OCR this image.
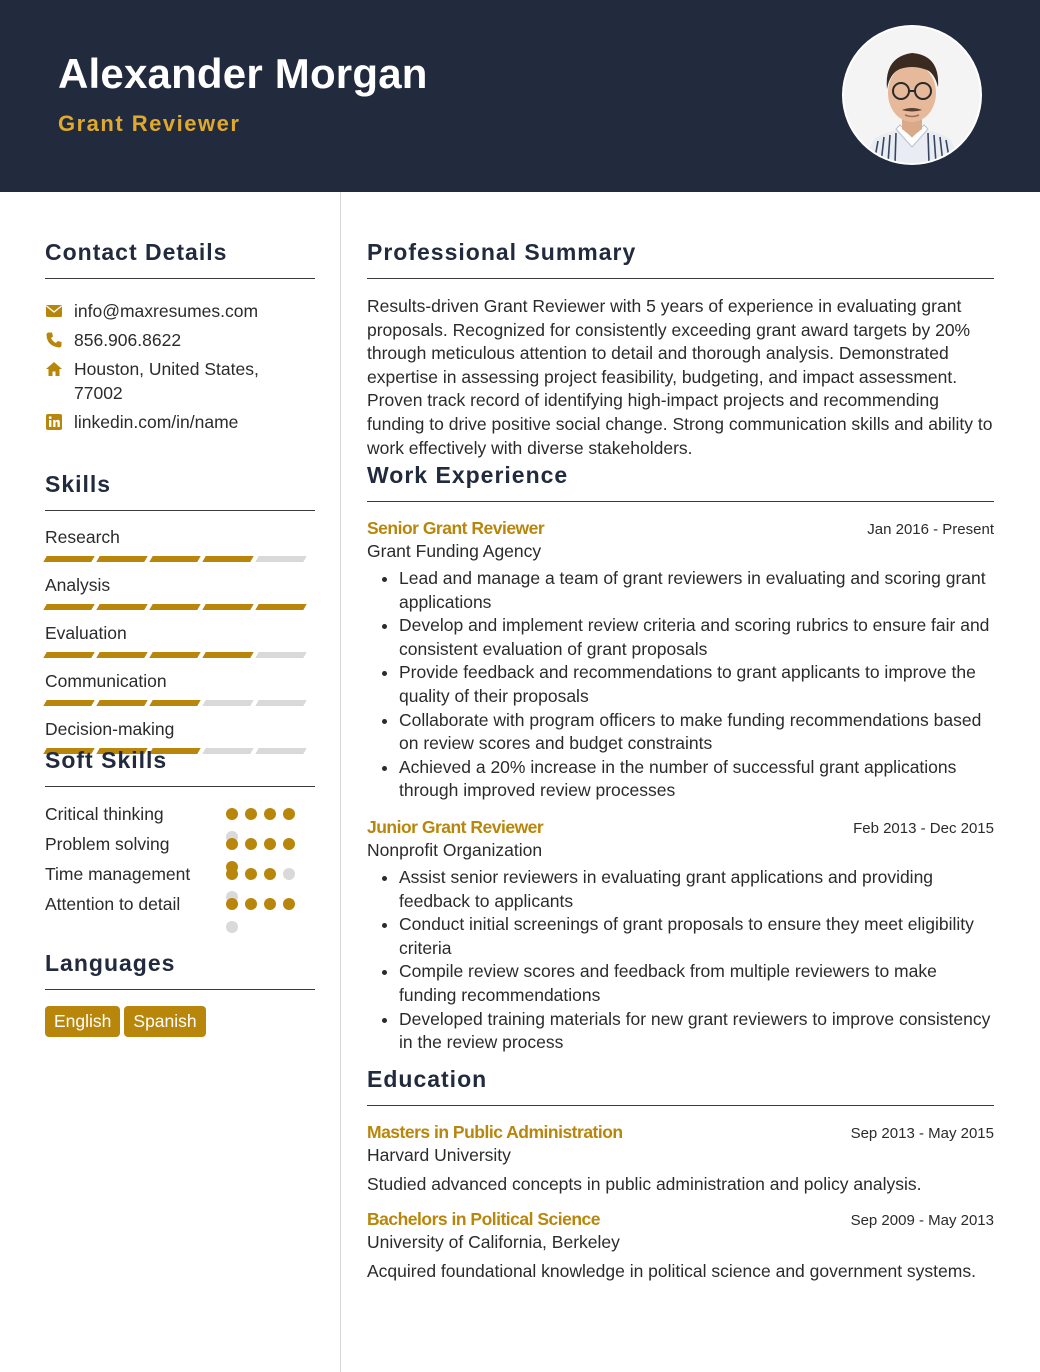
Alexander Morgan
Grant Reviewer
Contact Details
info@maxresumes.com
856.906.8622
Houston, United States, 77002
linkedin.com/in/name
Skills
Research
Analysis
Evaluation
Communication
Decision-making
Soft Skills
Critical thinking
Problem solving
Time management
Attention to detail
Languages
English Spanish
Professional Summary

Results-driven Grant Reviewer with 5 years of experience in evaluating grant proposals. Recognized for consistently exceeding grant award targets by 20% through meticulous attention to detail and thorough analysis. Demonstrated expertise in assessing project feasibility, budgeting, and impact assessment. Proven track record of identifying high-impact projects and recommending funding to drive positive social change. Strong communication skills and ability to work effectively with diverse stakeholders.

Work Experience
Senior Grant Reviewer	Jan 2016 - Present
Grant Funding Agency
• Lead and manage a team of grant reviewers in evaluating and scoring grant applications
• Develop and implement review criteria and scoring rubrics to ensure fair and consistent evaluation of grant proposals
• Provide feedback and recommendations to grant applicants to improve the quality of their proposals
• Collaborate with program officers to make funding recommendations based on review scores and budget constraints
• Achieved a 20% increase in the number of successful grant applications through improved review processes
Junior Grant Reviewer	Feb 2013 - Dec 2015
Nonprofit Organization
• Assist senior reviewers in evaluating grant applications and providing feedback to applicants
• Conduct initial screenings of grant proposals to ensure they meet eligibility criteria
• Compile review scores and feedback from multiple reviewers to make funding recommendations
• Developed training materials for new grant reviewers to improve consistency in the review process
Education
Masters in Public Administration	Sep 2013 - May 2015
Harvard University

Studied advanced concepts in public administration and policy analysis.

Bachelors in Political Science	Sep 2009 - May 2013
University of California, Berkeley

Acquired foundational knowledge in political science and government systems.
